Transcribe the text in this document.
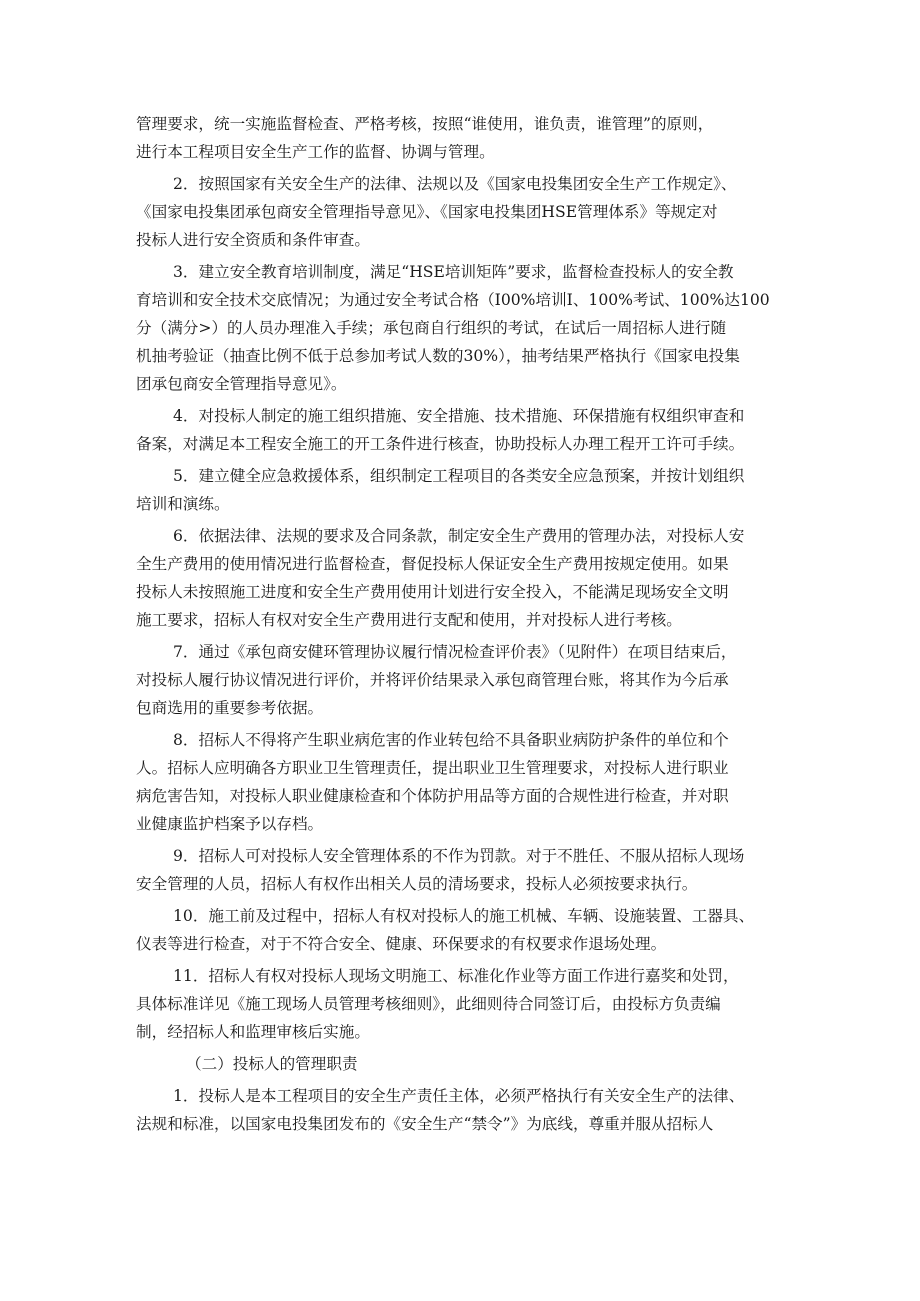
管理要求，统一实施监督检查、严格考核，按照“谁使用，谁负责，谁管理”的原则，
进行本工程项目安全生产工作的监督、协调与管理。
2．按照国家有关安全生产的法律、法规以及《国家电投集团安全生产工作规定》、
《国家电投集团承包商安全管理指导意见》、《国家电投集团HSE管理体系》等规定对
投标人进行安全资质和条件审查。
3．建立安全教育培训制度，满足“HSE培训矩阵”要求，监督检查投标人的安全教
育培训和安全技术交底情况；为通过安全考试合格（I00%培训I、100%考试、100%达100
分（满分>）的人员办理准入手续；承包商自行组织的考试，在试后一周招标人进行随
机抽考验证（抽查比例不低于总参加考试人数的30%），抽考结果严格执行《国家电投集
团承包商安全管理指导意见》。
4．对投标人制定的施工组织措施、安全措施、技术措施、环保措施有权组织审查和
备案，对满足本工程安全施工的开工条件进行核查，协助投标人办理工程开工许可手续。
5．建立健全应急救援体系，组织制定工程项目的各类安全应急预案，并按计划组织
培训和演练。
6．依据法律、法规的要求及合同条款，制定安全生产费用的管理办法，对投标人安
全生产费用的使用情况进行监督检查，督促投标人保证安全生产费用按规定使用。如果
投标人未按照施工进度和安全生产费用使用计划进行安全投入，不能满足现场安全文明
施工要求，招标人有权对安全生产费用进行支配和使用，并对投标人进行考核。
7．通过《承包商安健环管理协议履行情况检查评价表》（见附件）在项目结束后，
对投标人履行协议情况进行评价，并将评价结果录入承包商管理台账，将其作为今后承
包商选用的重要参考依据。
8．招标人不得将产生职业病危害的作业转包给不具备职业病防护条件的单位和个
人。招标人应明确各方职业卫生管理责任，提出职业卫生管理要求，对投标人进行职业
病危害告知，对投标人职业健康检查和个体防护用品等方面的合规性进行检查，并对职
业健康监护档案予以存档。
9．招标人可对投标人安全管理体系的不作为罚款。对于不胜任、不服从招标人现场
安全管理的人员，招标人有权作出相关人员的清场要求，投标人必须按要求执行。
10．施工前及过程中，招标人有权对投标人的施工机械、车辆、设施装置、工器具、
仪表等进行检查，对于不符合安全、健康、环保要求的有权要求作退场处理。
11．招标人有权对投标人现场文明施工、标准化作业等方面工作进行嘉奖和处罚，
具体标准详见《施工现场人员管理考核细则》，此细则待合同签订后，由投标方负责编
制，经招标人和监理审核后实施。
（二）投标人的管理职责
1．投标人是本工程项目的安全生产责任主体，必须严格执行有关安全生产的法律、
法规和标准，以国家电投集团发布的《安全生产“禁令”》为底线，尊重并服从招标人
